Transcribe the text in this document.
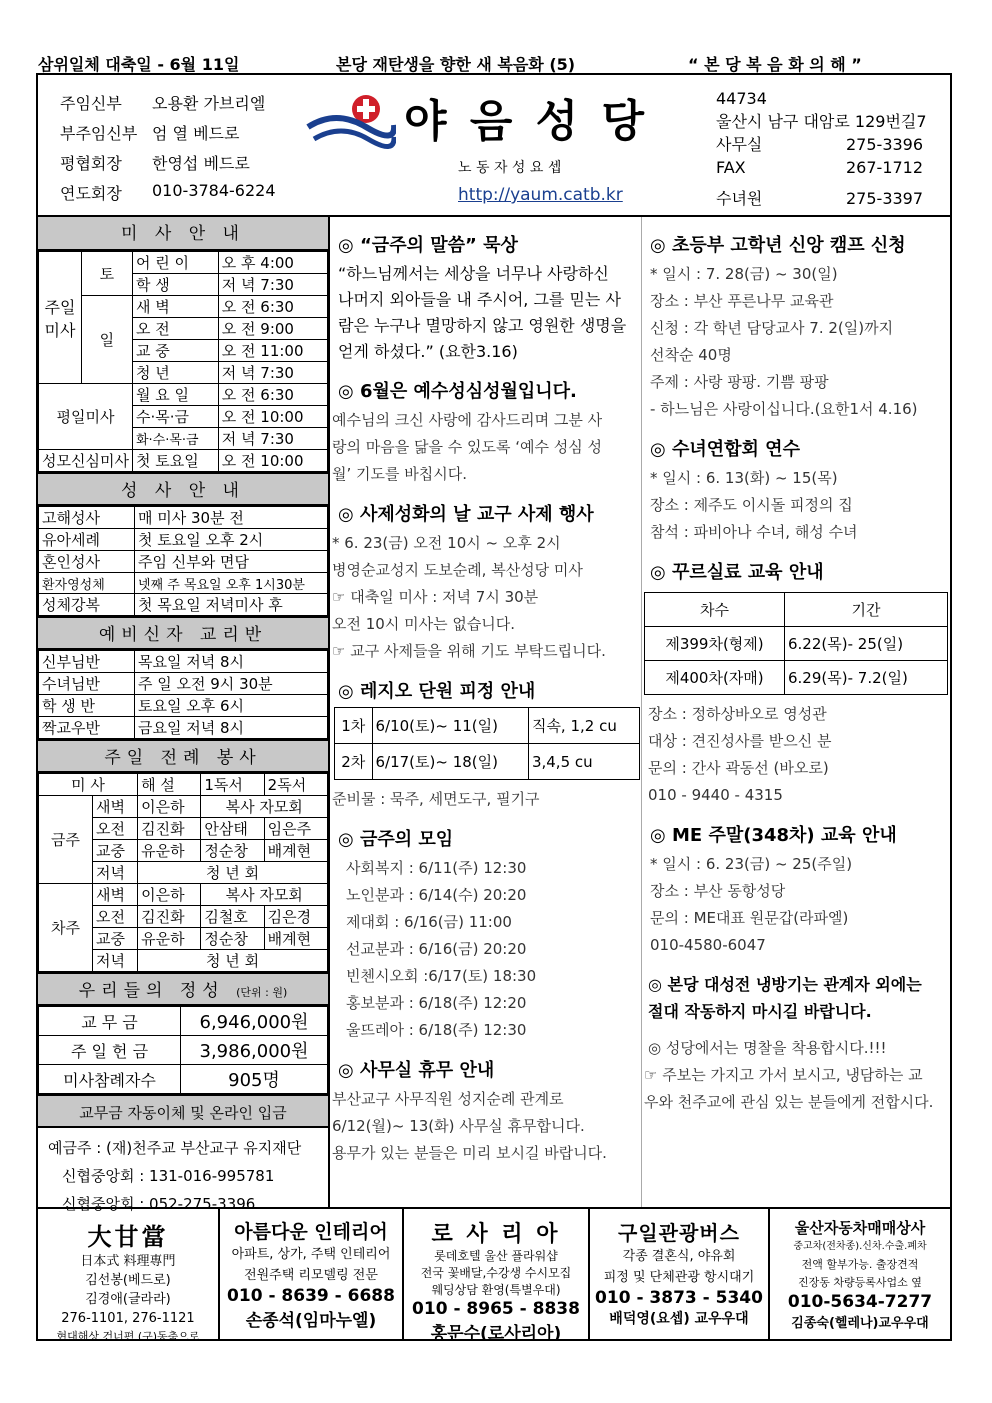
삼위일체 대축일 - 6월 11일	본당 재탄생을 향한 새 복음화 (5)	“ 본 당 복 음 화 의 해 ”
주임신부	오용환 가브리엘
부주임신부 엄 열 베드로
평협회장	한영섭 베드로
연도회장	010-3784-6224
야 음 성 당
노 동 자 성 요 셉
http://yaum.catb.kr
44734
울산시 남구 대암로 129번길7
사무실	275-3396
FAX	267-1712
수녀원	275-3397
미 사 안 내
주일미사	토	어 린 이	오 후 4:00
		학 생	저 녁 7:30
	일	새 벽	오 전 6:30
		오 전	오 전 9:00
		교 중	오 전 11:00
		청 년	저 녁 7:30
평일미사		월 요 일	오 전 6:30
		수·목·금	오 전 10:00
		화·수·목·금	저 녁 7:30
성모신심미사		첫 토요일	오 전 10:00
성 사 안 내
고해성사	매 미사 30분 전
유아세례	첫 토요일 오후 2시
혼인성사	주임 신부와 면담
환자영성체	넷째 주 목요일 오후 1시30분
성체강복	첫 목요일 저녁미사 후
예비신자 교리반
신부님반	목요일 저녁 8시
수녀님반	주 일 오전 9시 30분
학 생 반	토요일 오후 6시
짝교우반	금요일 저녁 8시
주일 전례 봉사
미 사		해 설	1독서	2독서
금주	새벽	이은하	복사 자모회	
	오전	김진화	안삼태	임은주
	교중	유운하	정순창	배계현
	저녁	청 년 회		
차주	새벽	이은하	복사 자모회	
	오전	김진화	김철호	김은경
	교중	유운하	정순창	배계현
	저녁	청 년 회		
우리들의 정성 (단위 : 원)
교 무 금	6,946,000원
주 일 헌 금	3,986,000원
미사참례자수	905명
교무금 자동이체 및 온라인 입금
예금주 : (재)천주교 부산교구 유지재단
신협중앙회 : 131-016-995781
신협중앙회 : 052-275-3396
◎ “금주의 말씀” 묵상
“하느님께서는 세상을 너무나 사랑하신
나머지 외아들을 내 주시어, 그를 믿는 사
람은 누구나 멸망하지 않고 영원한 생명을
얻게 하셨다.” (요한3.16)
◎ 6월은 예수성심성월입니다.
예수님의 크신 사랑에 감사드리며 그분 사
랑의 마음을 닮을 수 있도록 ‘예수 성심 성
월’ 기도를 바칩시다.
◎ 사제성화의 날 교구 사제 행사
* 6. 23(금) 오전 10시 ~ 오후 2시
병영순교성지 도보순례, 복산성당 미사
☞ 대축일 미사 : 저녁 7시 30분
오전 10시 미사는 없습니다.
☞ 교구 사제들을 위해 기도 부탁드립니다.
◎ 레지오 단원 피정 안내
1차	6/10(토)~ 11(일)	직속, 1,2 cu
2차	6/17(토)~ 18(일)	3,4,5 cu
준비물 : 묵주, 세면도구, 필기구
◎ 금주의 모임
사회복지 : 6/11(주) 12:30
노인분과 : 6/14(수) 20:20
제대회 : 6/16(금) 11:00
선교분과 : 6/16(금) 20:20
빈첸시오회 :6/17(토) 18:30
홍보분과 : 6/18(주) 12:20
울뜨레아 : 6/18(주) 12:30
◎ 사무실 휴무 안내
부산교구 사무직원 성지순례 관계로
6/12(월)~ 13(화) 사무실 휴무합니다.
용무가 있는 분들은 미리 보시길 바랍니다.
◎ 초등부 고학년 신앙 캠프 신청
* 일시 : 7. 28(금) ~ 30(일)
장소 : 부산 푸른나무 교육관
신청 : 각 학년 담당교사 7. 2(일)까지
선착순 40명
주제 : 사랑 팡팡. 기쁨 팡팡
- 하느님은 사랑이십니다.(요한1서 4.16)
◎ 수녀연합회 연수
* 일시 : 6. 13(화) ~ 15(목)
장소 : 제주도 이시돌 피정의 집
참석 : 파비아나 수녀, 해성 수녀
◎ 꾸르실료 교육 안내
차수	기간
제399차(형제)	6.22(목)- 25(일)
제400차(자매)	6.29(목)- 7.2(일)
장소 : 정하상바오로 영성관
대상 : 견진성사를 받으신 분
문의 : 간사 곽동선 (바오로)
010 - 9440 - 4315
◎ ME 주말(348차) 교육 안내
* 일시 : 6. 23(금) ~ 25(주일)
장소 : 부산 동항성당
문의 : ME대표 원문갑(라파엘)
010-4580-6047
◎ 본당 대성전 냉방기는 관계자 외에는
절대 작동하지 마시길 바랍니다.
◎ 성당에서는 명찰을 착용합시다.!!!
☞ 주보는 가지고 가서 보시고, 냉담하는 교
우와 천주교에 관심 있는 분들에게 전합시다.
大甘當
日本式 料理專門
김선봉(베드로)
김경애(글라라)
276-1101, 276-1121
현대해상 건너편 (구)동축으로
아름다운 인테리어
아파트, 상가, 주택 인테리어
전원주택 리모델링 전문
010 - 8639 - 6688
손종석(임마누엘)
로 사 리 아
롯데호텔 울산 플라워샵
전국 꽃배달,수강생 수시모집
웨딩상담 환영(특별우대)
010 - 8965 - 8838
홍문수(로사리아)
구일관광버스
각종 결혼식, 야유회
피정 및 단체관광 항시대기
010 - 3873 - 5340
배덕영(요셉) 교우우대
울산자동차매매상사
중고차(전차종).신차.수출.폐차
전액 할부가능. 출장견적
진장동 차량등록사업소 옆
010-5634-7277
김종숙(헬레나)교우우대
